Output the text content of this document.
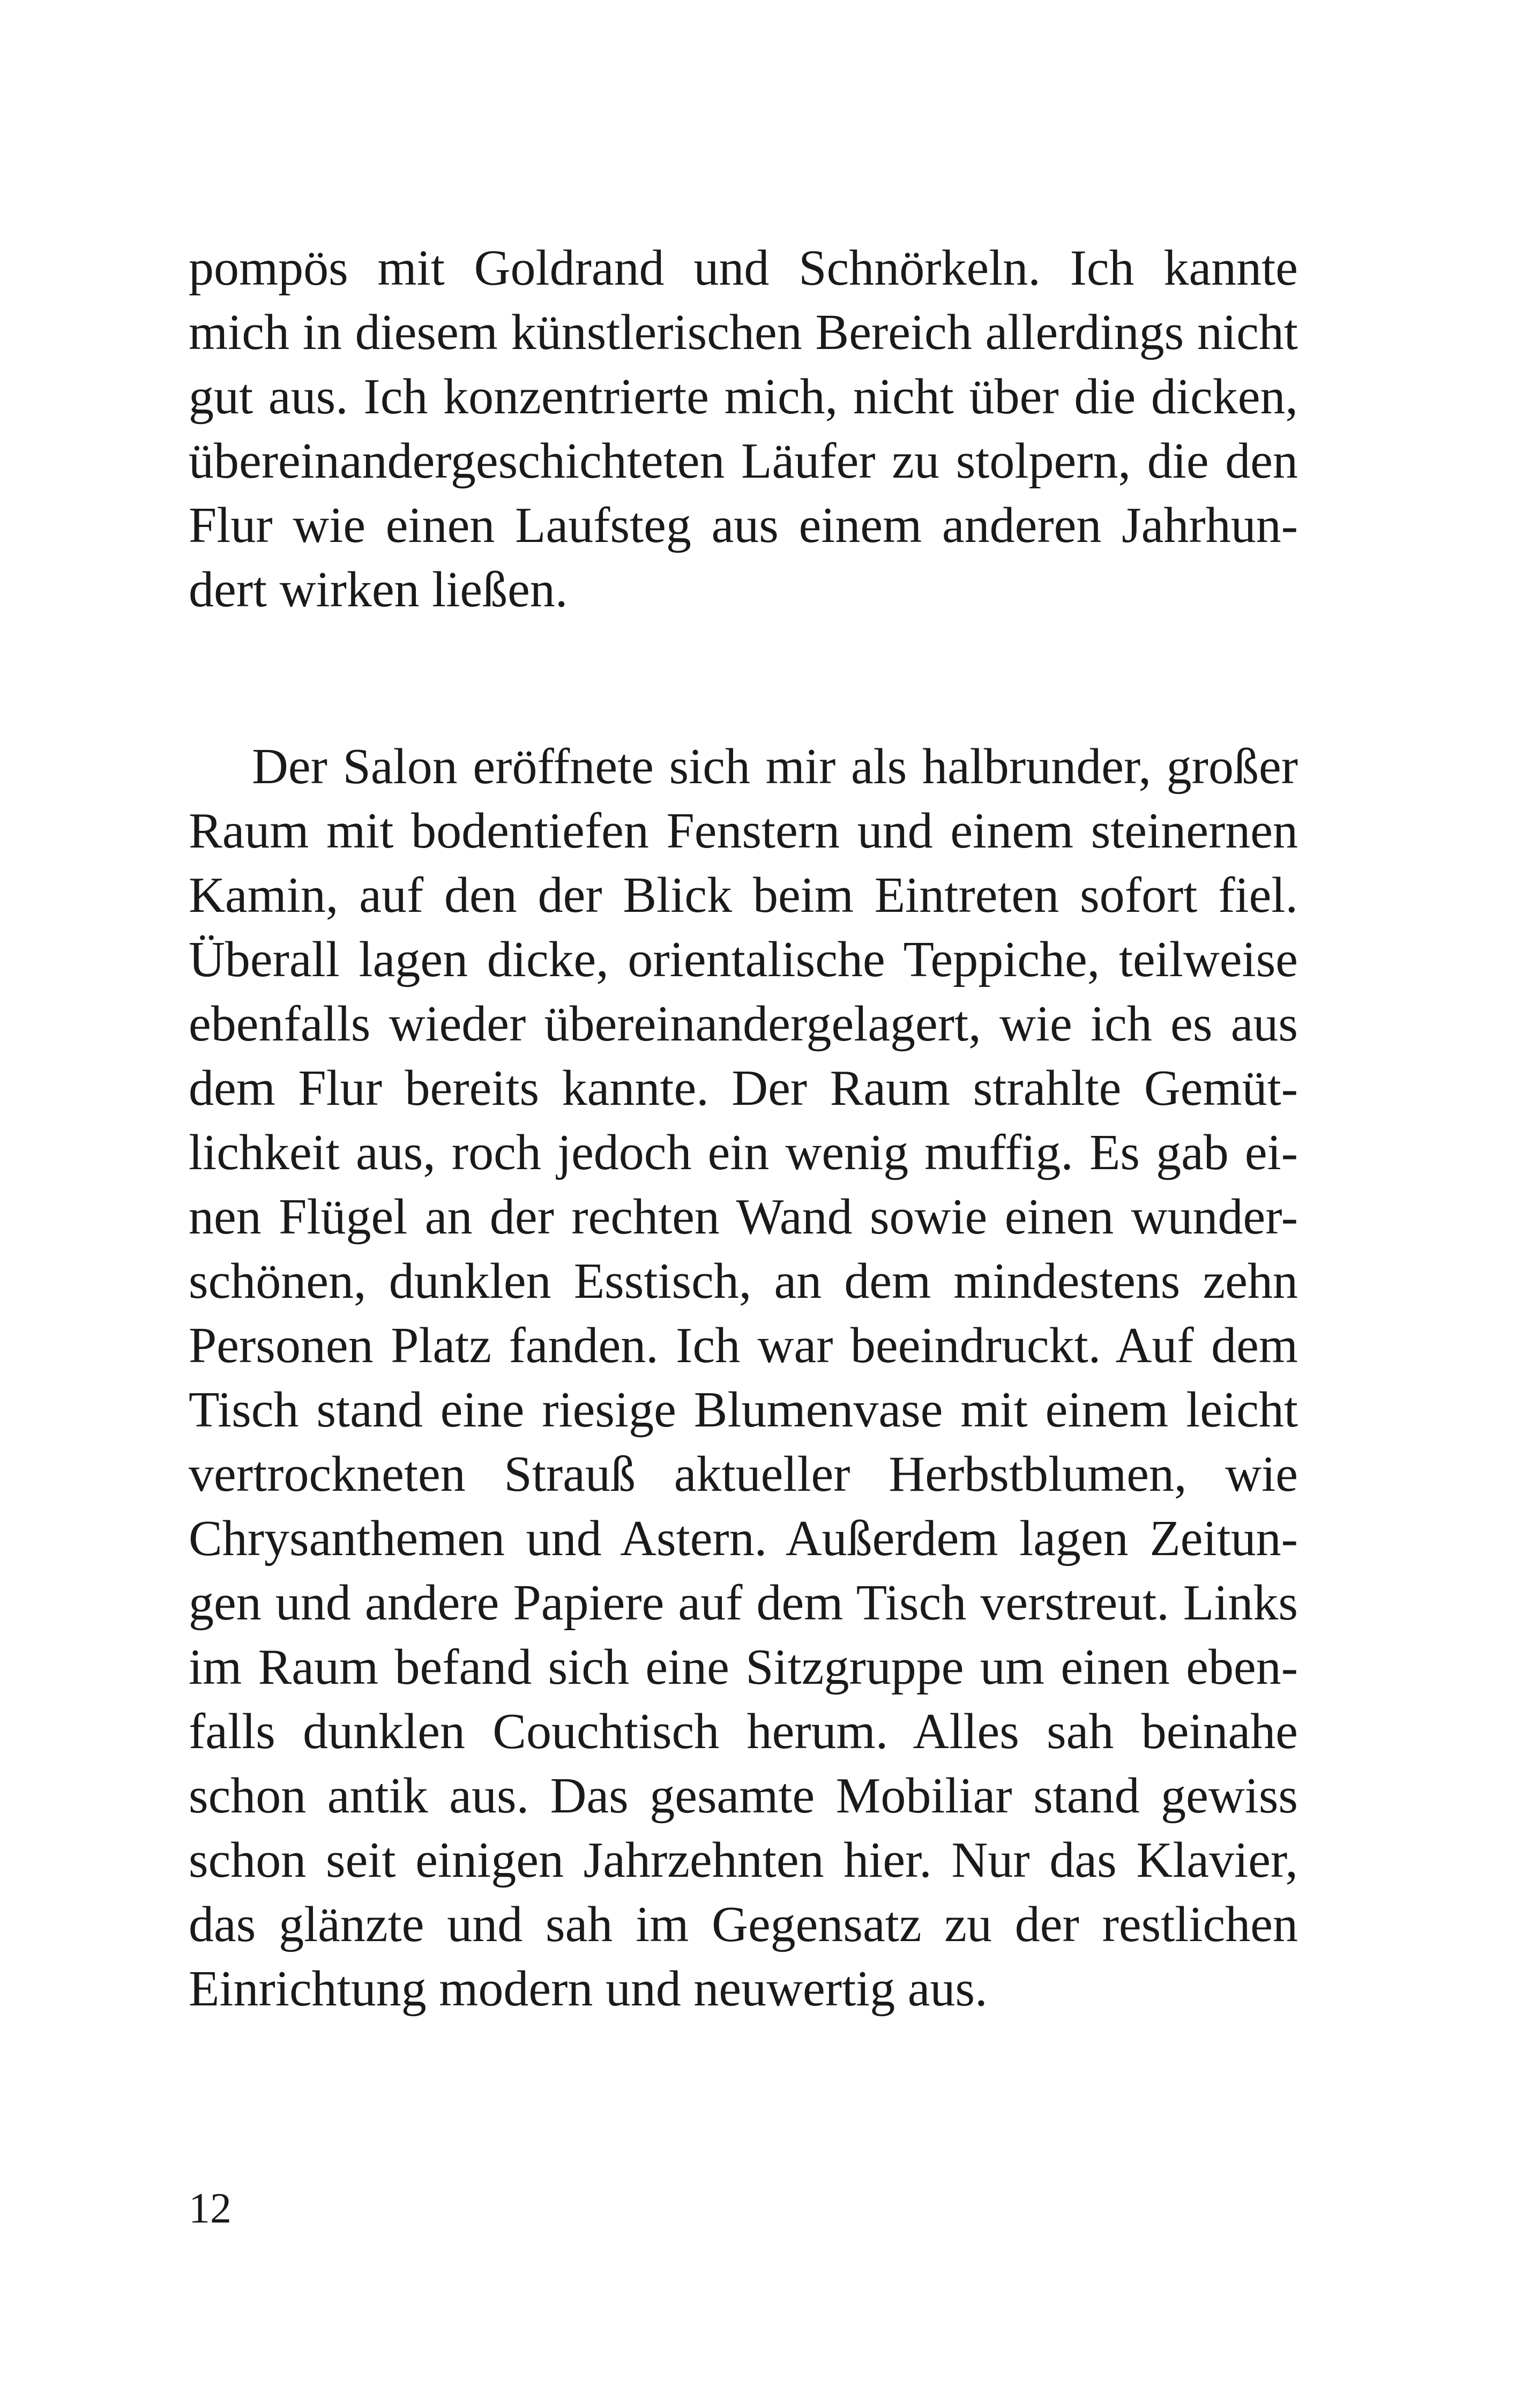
pompös mit Goldrand und Schnörkeln. Ich kannte
mich in diesem künstlerischen Bereich allerdings nicht
gut aus. Ich konzentrierte mich, nicht über die dicken,
übereinandergeschichteten Läufer zu stolpern, die den
Flur wie einen Laufsteg aus einem anderen Jahrhun-
dert wirken ließen.

Der Salon eröffnete sich mir als halbrunder, großer
Raum mit bodentiefen Fenstern und einem steinernen
Kamin, auf den der Blick beim Eintreten sofort fiel.
Überall lagen dicke, orientalische Teppiche, teilweise
ebenfalls wieder übereinandergelagert, wie ich es aus
dem Flur bereits kannte. Der Raum strahlte Gemüt-
lichkeit aus, roch jedoch ein wenig muffig. Es gab ei-
nen Flügel an der rechten Wand sowie einen wunder-
schönen, dunklen Esstisch, an dem mindestens zehn
Personen Platz fanden. Ich war beeindruckt. Auf dem
Tisch stand eine riesige Blumenvase mit einem leicht
vertrockneten Strauß aktueller Herbstblumen, wie
Chrysanthemen und Astern. Außerdem lagen Zeitun-
gen und andere Papiere auf dem Tisch verstreut. Links
im Raum befand sich eine Sitzgruppe um einen eben-
falls dunklen Couchtisch herum. Alles sah beinahe
schon antik aus. Das gesamte Mobiliar stand gewiss
schon seit einigen Jahrzehnten hier. Nur das Klavier,
das glänzte und sah im Gegensatz zu der restlichen
Einrichtung modern und neuwertig aus.

12
